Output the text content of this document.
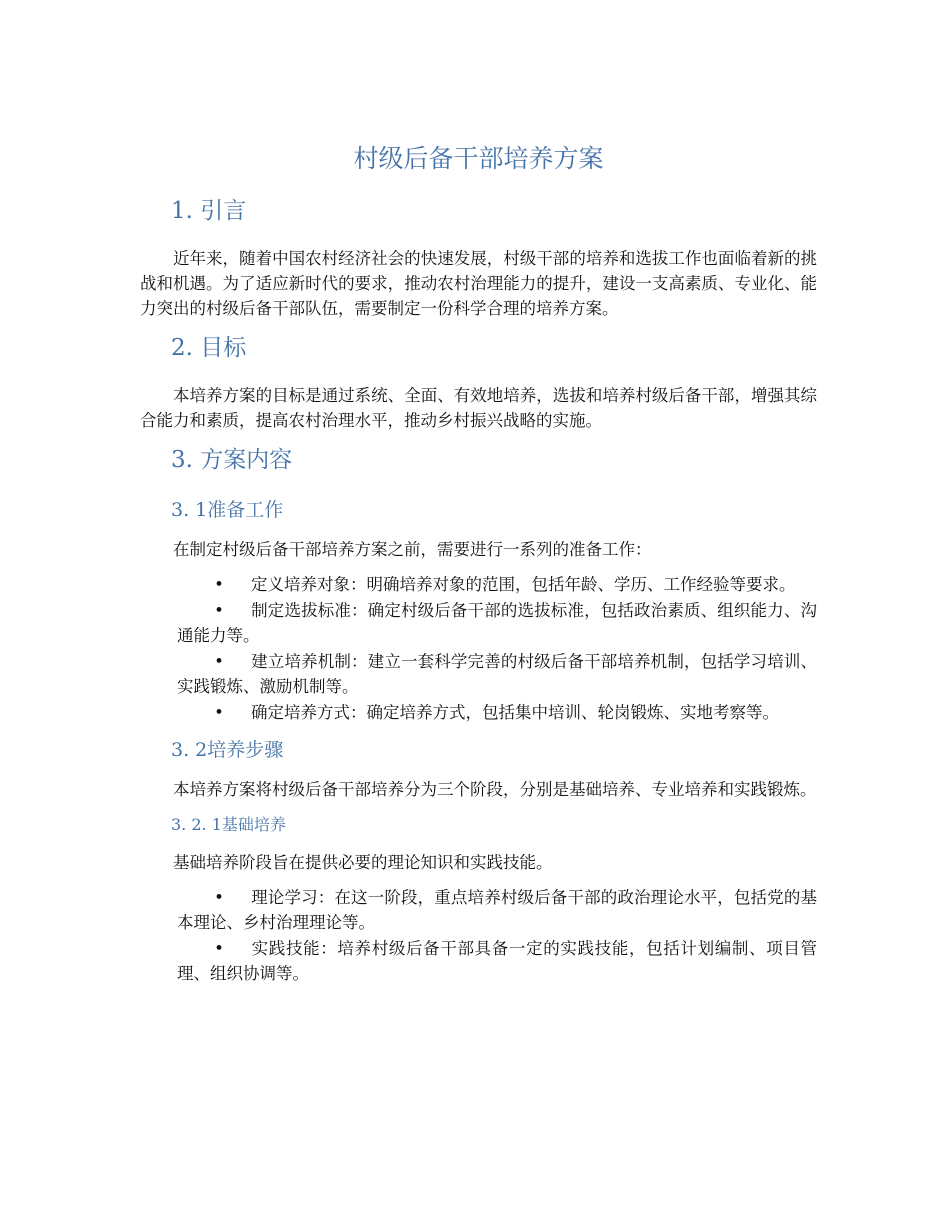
村级后备干部培养方案
1. 引言

近年来，随着中国农村经济社会的快速发展，村级干部的培养和选拔工作也面临着新的挑战和机遇。为了适应新时代的要求，推动农村治理能力的提升，建设一支高素质、专业化、能力突出的村级后备干部队伍，需要制定一份科学合理的培养方案。

2. 目标

本培养方案的目标是通过系统、全面、有效地培养，选拔和培养村级后备干部，增强其综合能力和素质，提高农村治理水平，推动乡村振兴战略的实施。

3. 方案内容
3. 1准备工作

在制定村级后备干部培养方案之前，需要进行一系列的准备工作：

• 定义培养对象：明确培养对象的范围，包括年龄、学历、工作经验等要求。
• 制定选拔标准：确定村级后备干部的选拔标准，包括政治素质、组织能力、沟通能力等。
• 建立培养机制：建立一套科学完善的村级后备干部培养机制，包括学习培训、实践锻炼、激励机制等。
• 确定培养方式：确定培养方式，包括集中培训、轮岗锻炼、实地考察等。
3. 2培养步骤

本培养方案将村级后备干部培养分为三个阶段，分别是基础培养、专业培养和实践锻炼。

3. 2. 1基础培养

基础培养阶段旨在提供必要的理论知识和实践技能。

• 理论学习：在这一阶段，重点培养村级后备干部的政治理论水平，包括党的基本理论、乡村治理理论等。
• 实践技能：培养村级后备干部具备一定的实践技能，包括计划编制、项目管理、组织协调等。
